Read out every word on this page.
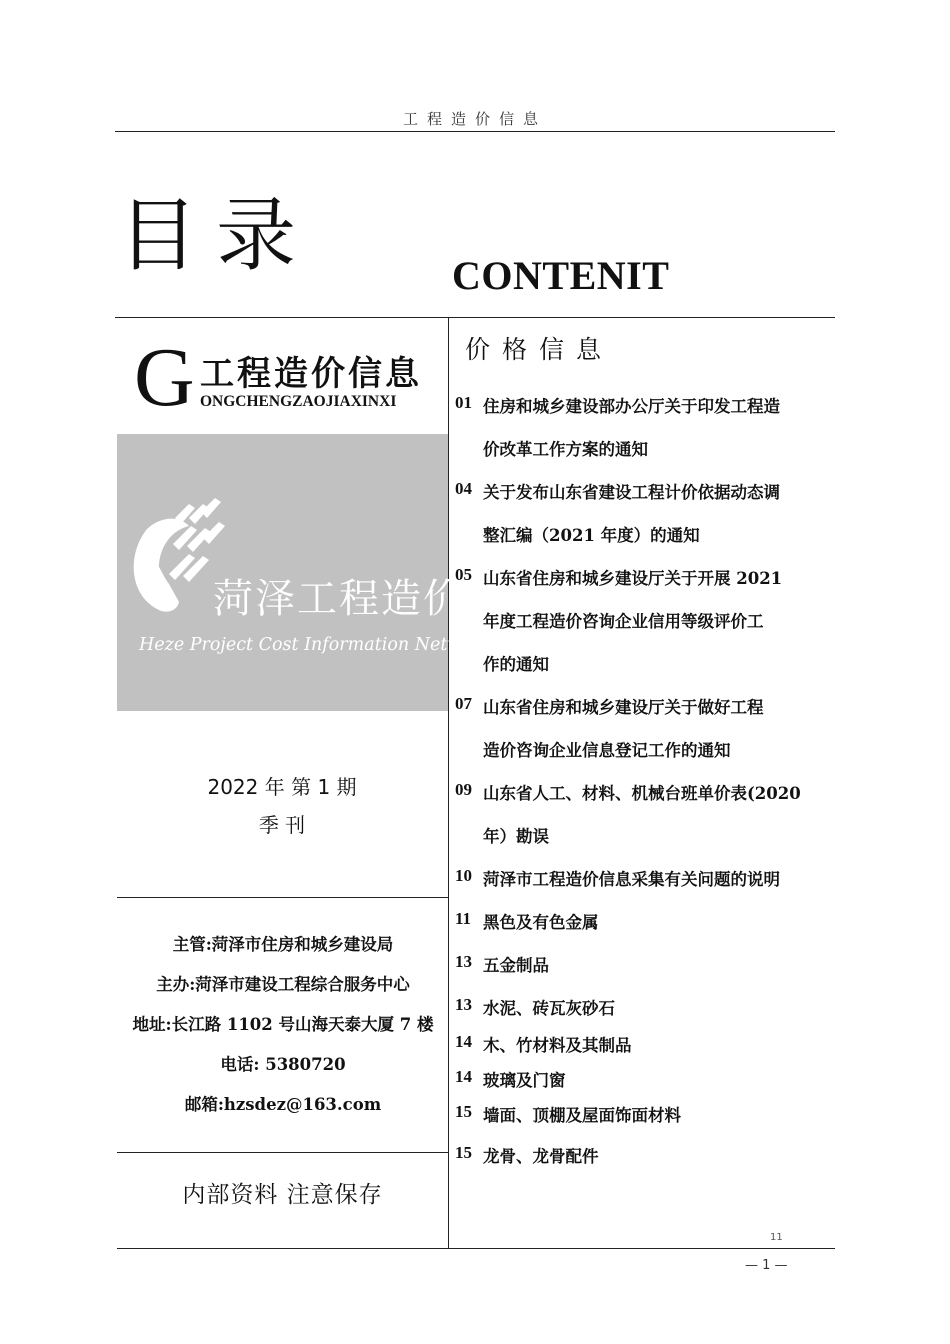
工程造价信息
目录	CONTENIT
G 工程造价信息
ONGCHENGZAOJIAXINXI
菏泽工程造价
Heze Project Cost Information Network
2022 年 第 1 期
季 刊
主管:菏泽市住房和城乡建设局
主办:菏泽市建设工程综合服务中心
地址:长江路 1102 号山海天泰大厦 7 楼
电话: 5380720
邮箱:hzsdez@163.com
内部资料 注意保存
价格信息
01 住房和城乡建设部办公厅关于印发工程造
价改革工作方案的通知
04 关于发布山东省建设工程计价依据动态调
整汇编（2021 年度）的通知
05 山东省住房和城乡建设厅关于开展 2021
年度工程造价咨询企业信用等级评价工
作的通知
07 山东省住房和城乡建设厅关于做好工程
造价咨询企业信息登记工作的通知
09 山东省人工、材料、机械台班单价表(2020
年）勘误
10 菏泽市工程造价信息采集有关问题的说明
11 黑色及有色金属
13 五金制品
13 水泥、砖瓦灰砂石
14 木、竹材料及其制品
14 玻璃及门窗
15 墙面、顶棚及屋面饰面材料
15 龙骨、龙骨配件
11
— 1 —
